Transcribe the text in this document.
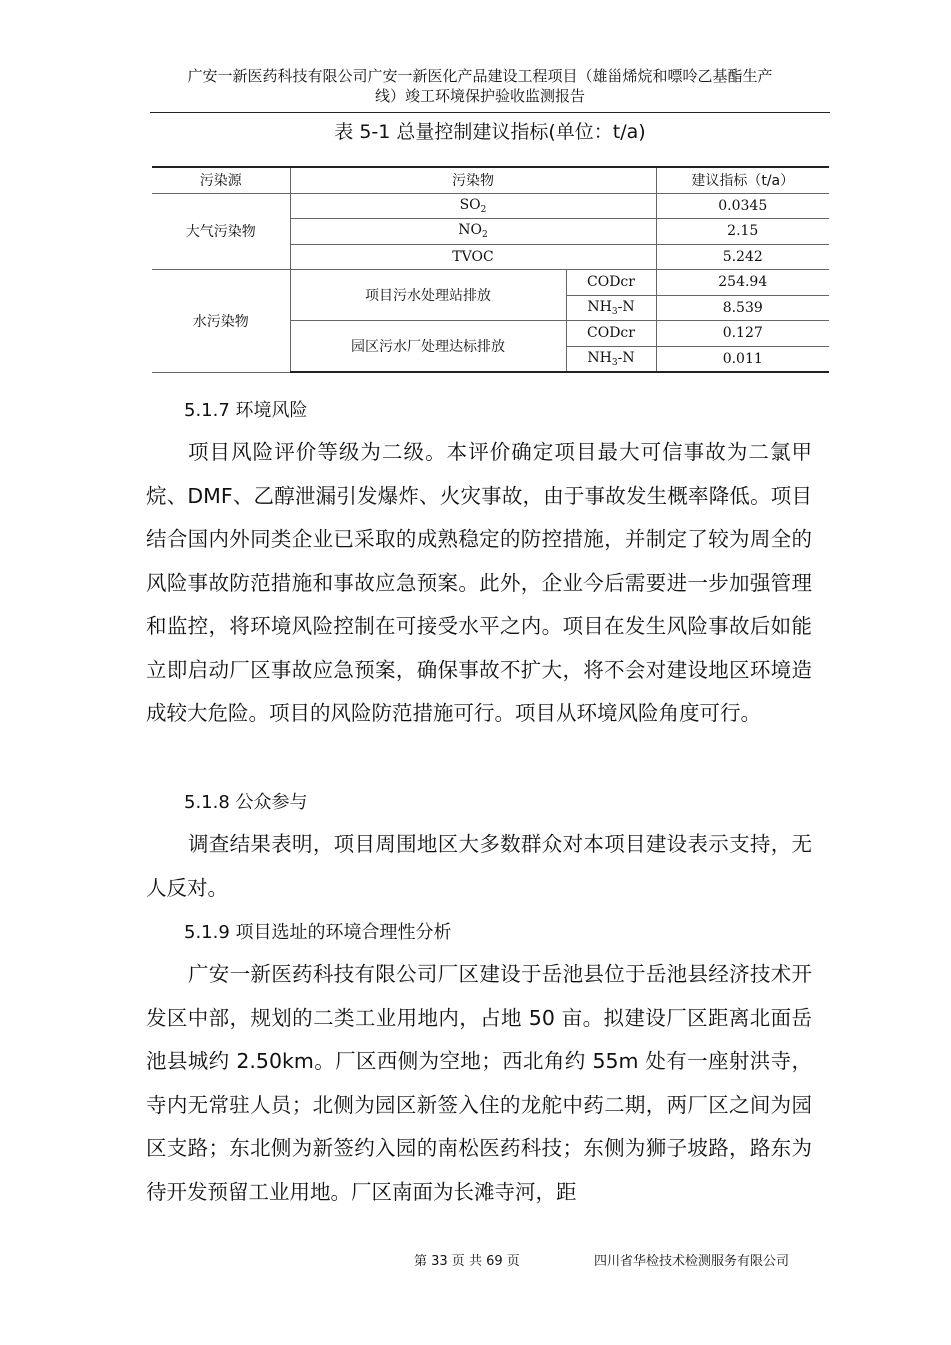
广安一新医药科技有限公司广安一新医化产品建设工程项目（雄甾烯烷和嘌呤乙基酯生产
线）竣工环境保护验收监测报告
表 5-1 总量控制建议指标(单位：t/a)
污染源	污染物		建议指标（t/a）
大气污染物	$SO_2$		0.0345
	$NO_2$		2.15
	TVOC		5.242
水污染物	项目污水处理站排放	CODcr	254.94
		$NH_3-N$	8.539
	园区污水厂处理达标排放	CODcr	0.127
		$NH_3-N$	0.011
5.1.7 环境风险
项目风险评价等级为二级。本评价确定项目最大可信事故为二氯甲烷、DMF、乙醇泄漏引发爆炸、火灾事故，由于事故发生概率降低。项目结合国内外同类企业已采取的成熟稳定的防控措施，并制定了较为周全的风险事故防范措施和事故应急预案。此外，企业今后需要进一步加强管理和监控，将环境风险控制在可接受水平之内。项目在发生风险事故后如能立即启动厂区事故应急预案，确保事故不扩大，将不会对建设地区环境造成较大危险。项目的风险防范措施可行。项目从环境风险角度可行。
5.1.8 公众参与
调查结果表明，项目周围地区大多数群众对本项目建设表示支持，无人反对。
5.1.9 项目选址的环境合理性分析
广安一新医药科技有限公司厂区建设于岳池县位于岳池县经济技术开发区中部，规划的二类工业用地内，占地 50 亩。拟建设厂区距离北面岳池县城约 2.50km。厂区西侧为空地；西北角约 55m 处有一座射洪寺，寺内无常驻人员；北侧为园区新签入住的龙舵中药二期，两厂区之间为园区支路；东北侧为新签约入园的南松医药科技；东侧为狮子坡路，路东为待开发预留工业用地。厂区南面为长滩寺河，距
第 33 页 共 69 页	四川省华检技术检测服务有限公司
